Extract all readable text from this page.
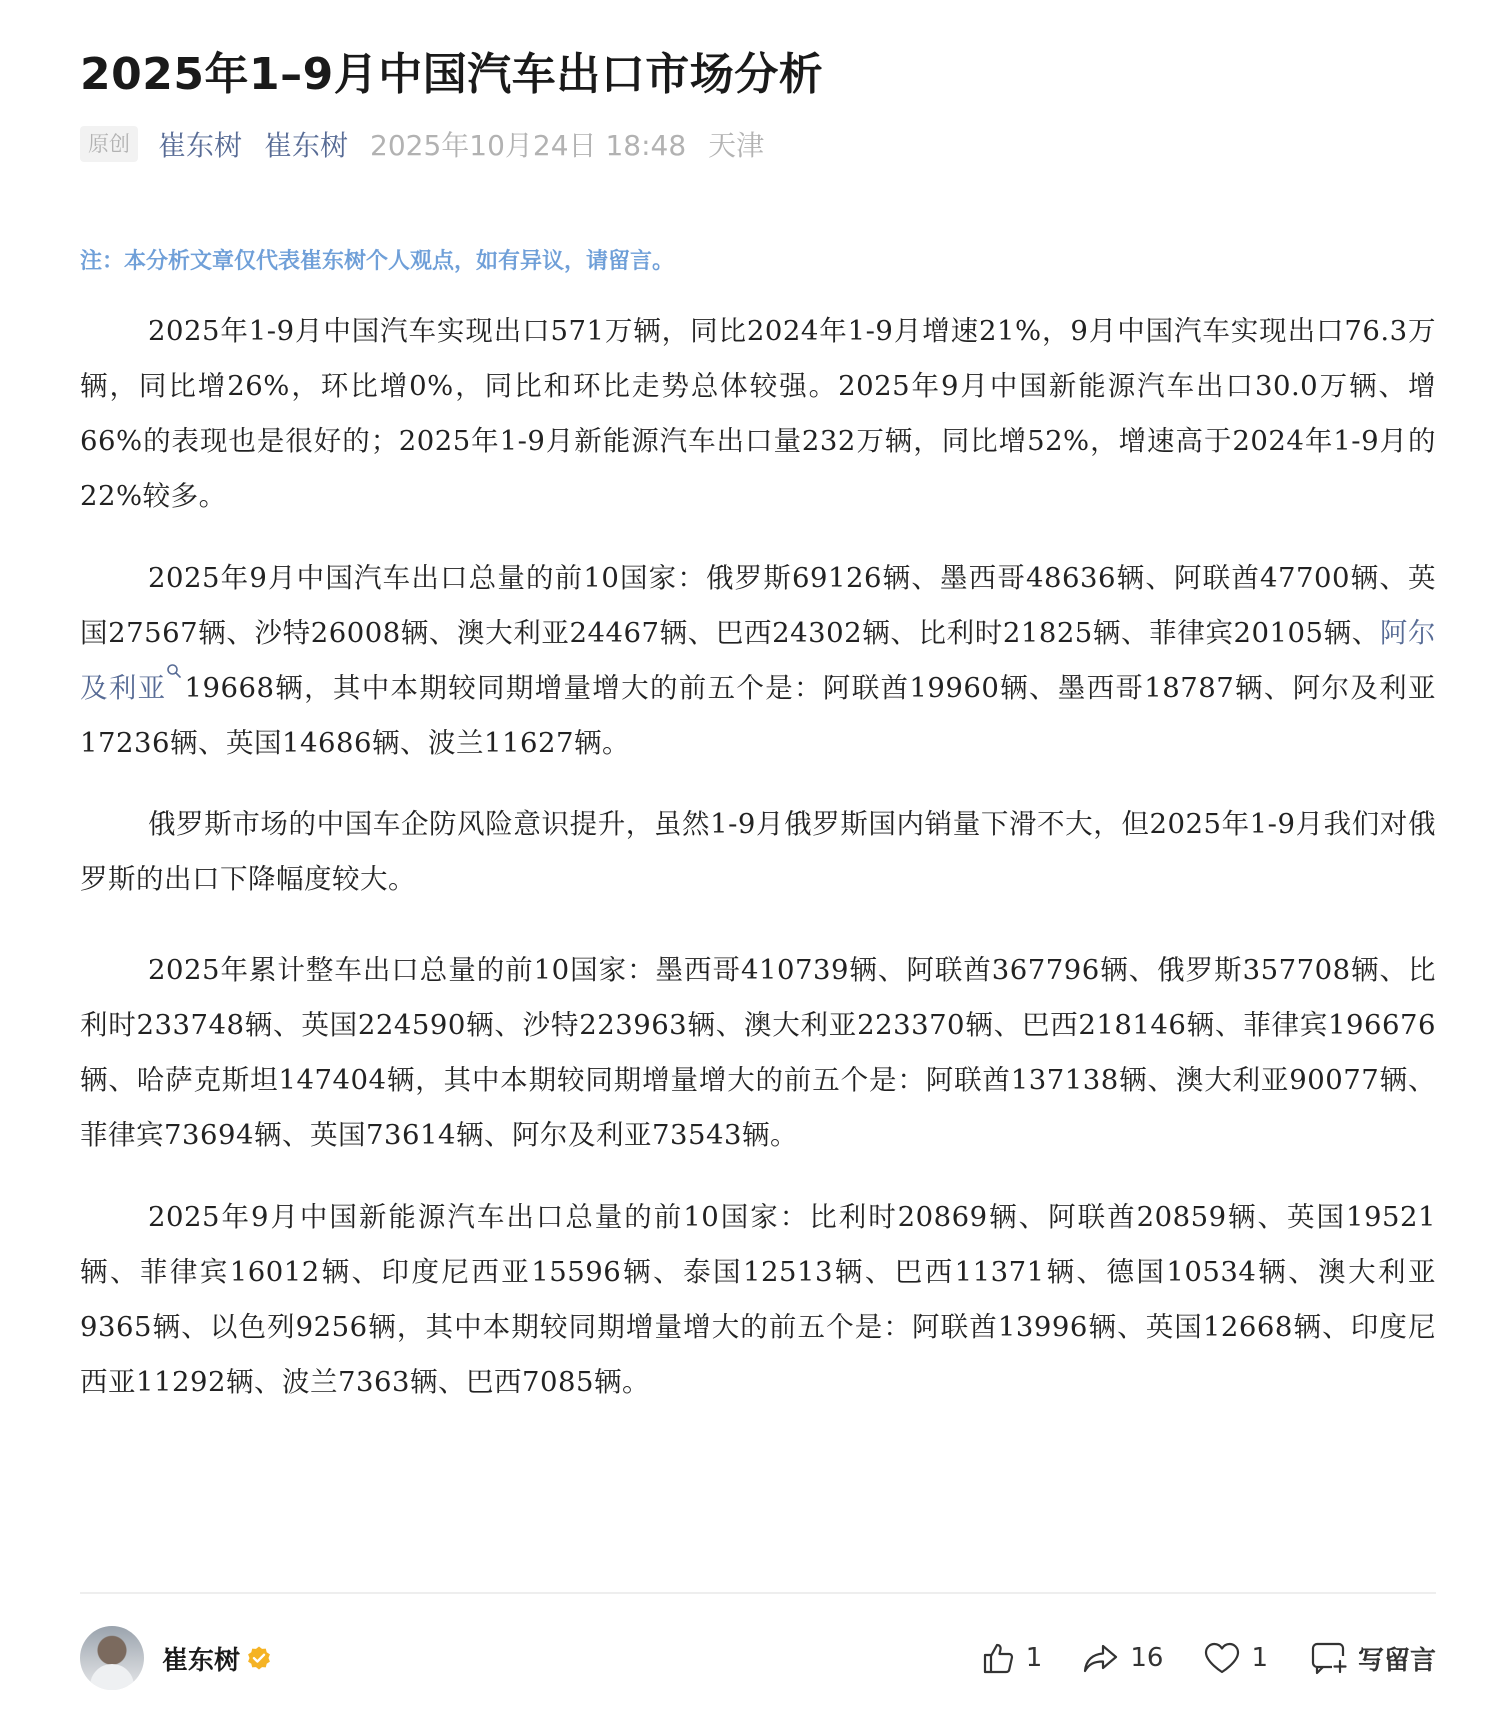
2025年1–9月中国汽车出口市场分析
原创 崔东树 崔东树 2025年10月24日 18:48 天津

注：本分析文章仅代表崔东树个人观点，如有异议，请留言。

2025年1-9月中国汽车实现出口571万辆，同比2024年1-9月增速21%，9月中国汽车实现出口76.3万辆，同比增26%，环比增0%，同比和环比走势总体较强。2025年9月中国新能源汽车出口30.0万辆、增66%的表现也是很好的；2025年1-9月新能源汽车出口量232万辆，同比增52%，增速高于2024年1-9月的22%较多。

2025年9月中国汽车出口总量的前10国家：俄罗斯69126辆、墨西哥48636辆、阿联酋47700辆、英国27567辆、沙特26008辆、澳大利亚24467辆、巴西24302辆、比利时21825辆、菲律宾20105辆、阿尔及利亚 19668辆，其中本期较同期增量增大的前五个是：阿联酋19960辆、墨西哥18787辆、阿尔及利亚17236辆、英国14686辆、波兰11627辆。

俄罗斯市场的中国车企防风险意识提升，虽然1-9月俄罗斯国内销量下滑不大，但2025年1-9月我们对俄罗斯的出口下降幅度较大。

2025年累计整车出口总量的前10国家：墨西哥410739辆、阿联酋367796辆、俄罗斯357708辆、比利时233748辆、英国224590辆、沙特223963辆、澳大利亚223370辆、巴西218146辆、菲律宾196676辆、哈萨克斯坦147404辆，其中本期较同期增量增大的前五个是：阿联酋137138辆、澳大利亚90077辆、菲律宾73694辆、英国73614辆、阿尔及利亚73543辆。

2025年9月中国新能源汽车出口总量的前10国家：比利时20869辆、阿联酋20859辆、英国19521辆、菲律宾16012辆、印度尼西亚15596辆、泰国12513辆、巴西11371辆、德国10534辆、澳大利亚9365辆、以色列9256辆，其中本期较同期增量增大的前五个是：阿联酋13996辆、英国12668辆、印度尼西亚11292辆、波兰7363辆、巴西7085辆。

崔东树	1	16	1	写留言
